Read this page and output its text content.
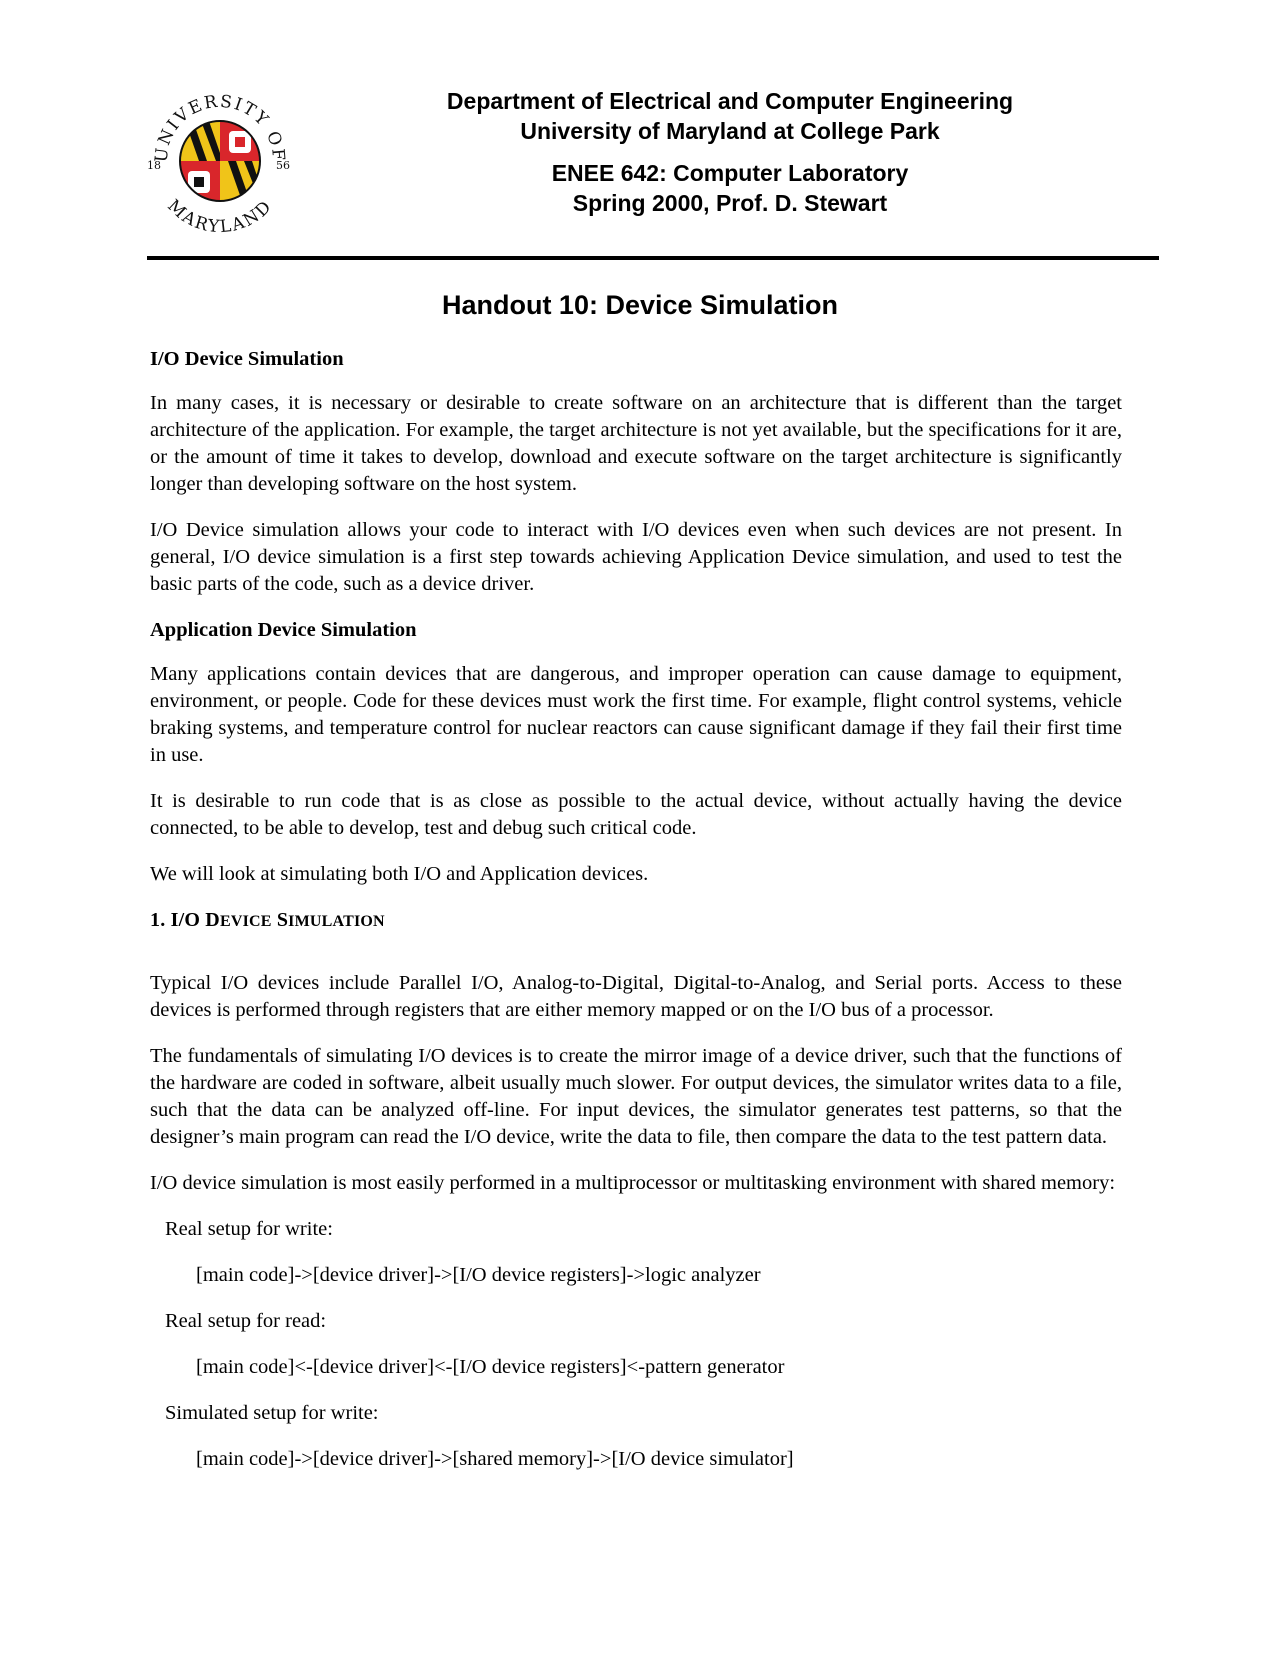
UNIVERSITY OF
MARYLAND
18	56
Department of Electrical and Computer Engineering
University of Maryland at College Park
ENEE 642: Computer Laboratory
Spring 2000, Prof. D. Stewart
Handout 10: Device Simulation
I/O Device Simulation

In many cases, it is necessary or desirable to create software on an architecture that is different than the target architecture of the application. For example, the target architecture is not yet available, but the specifications for it are, or the amount of time it takes to develop, download and execute software on the target architecture is significantly longer than developing software on the host system.

I/O Device simulation allows your code to interact with I/O devices even when such devices are not present. In general, I/O device simulation is a first step towards achieving Application Device simulation, and used to test the basic parts of the code, such as a device driver.

Application Device Simulation

Many applications contain devices that are dangerous, and improper operation can cause damage to equipment, environment, or people. Code for these devices must work the first time. For example, flight control systems, vehicle braking systems, and temperature control for nuclear reactors can cause significant damage if they fail their first time in use.

It is desirable to run code that is as close as possible to the actual device, without actually having the device connected, to be able to develop, test and debug such critical code.

We will look at simulating both I/O and Application devices.

1. I/O DEVICE SIMULATION

Typical I/O devices include Parallel I/O, Analog-to-Digital, Digital-to-Analog, and Serial ports. Access to these devices is performed through registers that are either memory mapped or on the I/O bus of a processor.

The fundamentals of simulating I/O devices is to create the mirror image of a device driver, such that the functions of the hardware are coded in software, albeit usually much slower. For output devices, the simulator writes data to a file, such that the data can be analyzed off-line. For input devices, the simulator generates test patterns, so that the designer’s main program can read the I/O device, write the data to file, then compare the data to the test pattern data.

I/O device simulation is most easily performed in a multiprocessor or multitasking environment with shared memory:

Real setup for write:

[main code]->[device driver]->[I/O device registers]->logic analyzer

Real setup for read:

[main code]<-[device driver]<-[I/O device registers]<-pattern generator

Simulated setup for write:

[main code]->[device driver]->[shared memory]->[I/O device simulator]
